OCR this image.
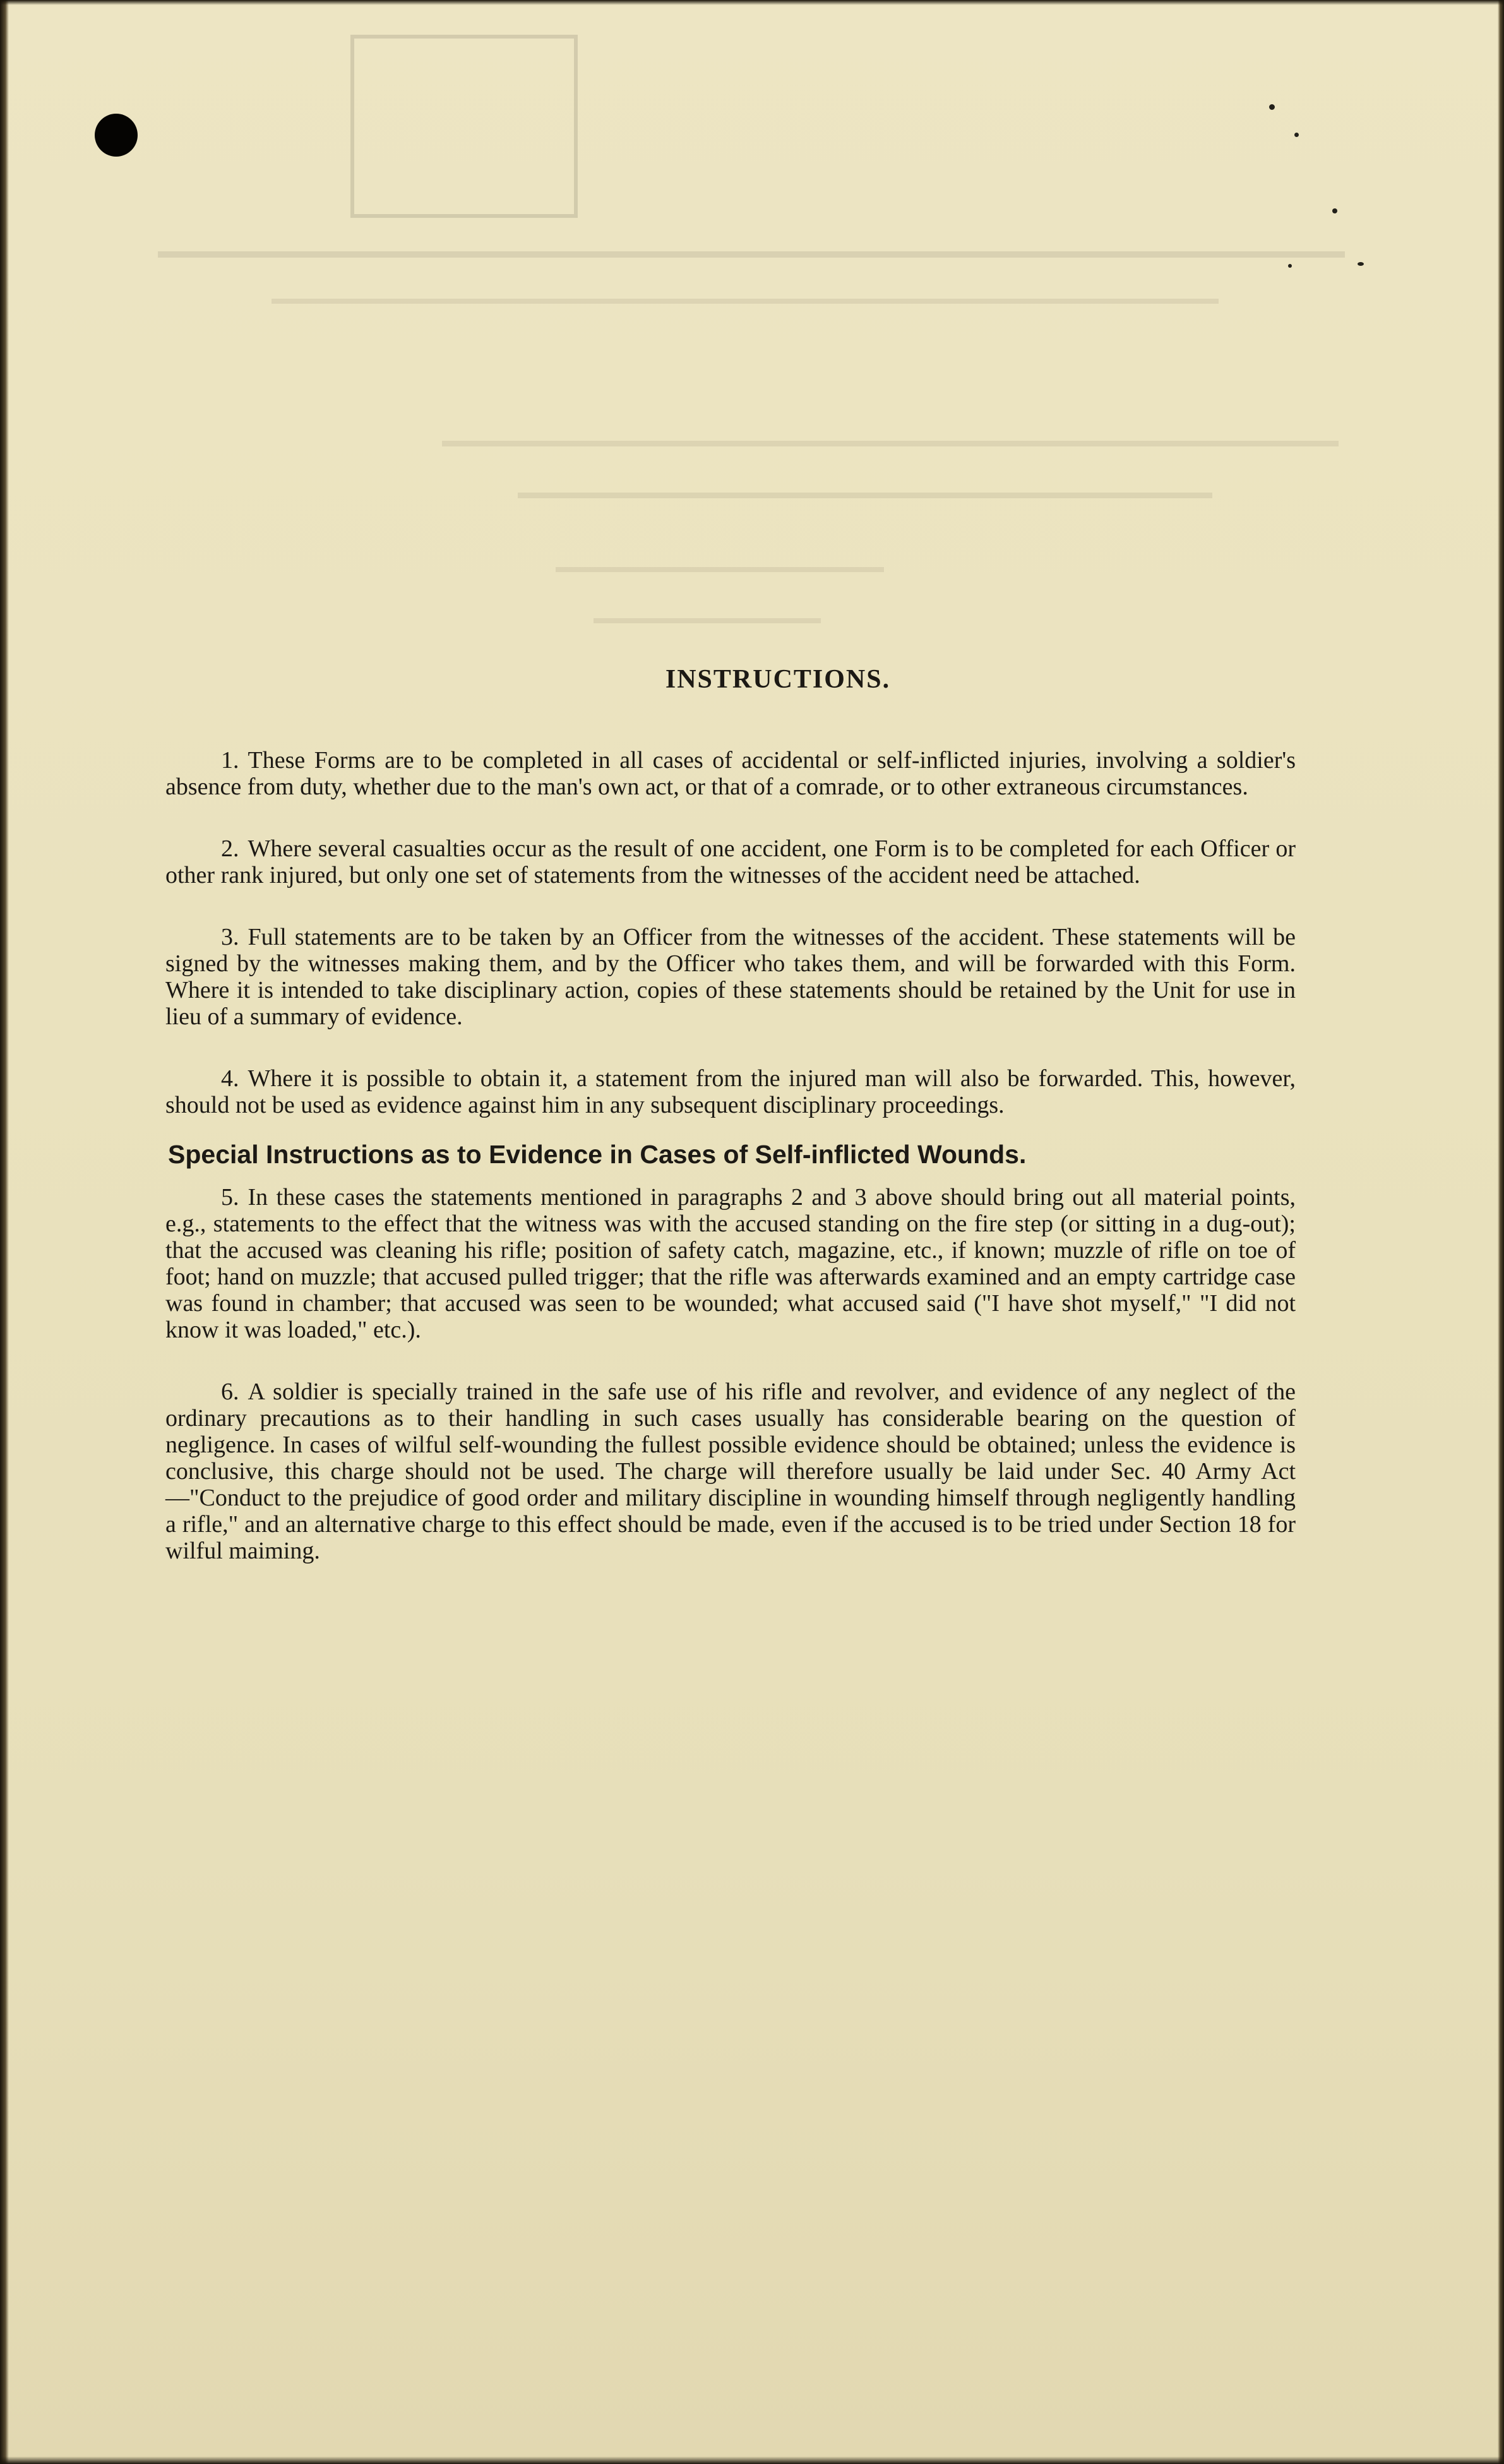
INSTRUCTIONS.

1. These Forms are to be completed in all cases of accidental or self-inflicted injuries, involving a soldier's absence from duty, whether due to the man's own act, or that of a comrade, or to other extraneous circumstances.

2. Where several casualties occur as the result of one accident, one Form is to be completed for each Officer or other rank injured, but only one set of statements from the witnesses of the accident need be attached.

3. Full statements are to be taken by an Officer from the witnesses of the accident. These statements will be signed by the witnesses making them, and by the Officer who takes them, and will be forwarded with this Form. Where it is intended to take disciplinary action, copies of these statements should be retained by the Unit for use in lieu of a summary of evidence.

4. Where it is possible to obtain it, a statement from the injured man will also be forwarded. This, however, should not be used as evidence against him in any subsequent disciplinary proceedings.

Special Instructions as to Evidence in Cases of Self-inflicted Wounds.

5. In these cases the statements mentioned in paragraphs 2 and 3 above should bring out all material points, e.g., statements to the effect that the witness was with the accused standing on the fire step (or sitting in a dug-out); that the accused was cleaning his rifle; position of safety catch, magazine, etc., if known; muzzle of rifle on toe of foot; hand on muzzle; that accused pulled trigger; that the rifle was afterwards examined and an empty cartridge case was found in chamber; that accused was seen to be wounded; what accused said ("I have shot myself," "I did not know it was loaded," etc.).

6. A soldier is specially trained in the safe use of his rifle and revolver, and evidence of any neglect of the ordinary precautions as to their handling in such cases usually has considerable bearing on the question of negligence. In cases of wilful self-wounding the fullest possible evidence should be obtained; unless the evidence is conclusive, this charge should not be used. The charge will therefore usually be laid under Sec. 40 Army Act—"Conduct to the prejudice of good order and military discipline in wounding himself through negligently handling a rifle," and an alternative charge to this effect should be made, even if the accused is to be tried under Section 18 for wilful maiming.
